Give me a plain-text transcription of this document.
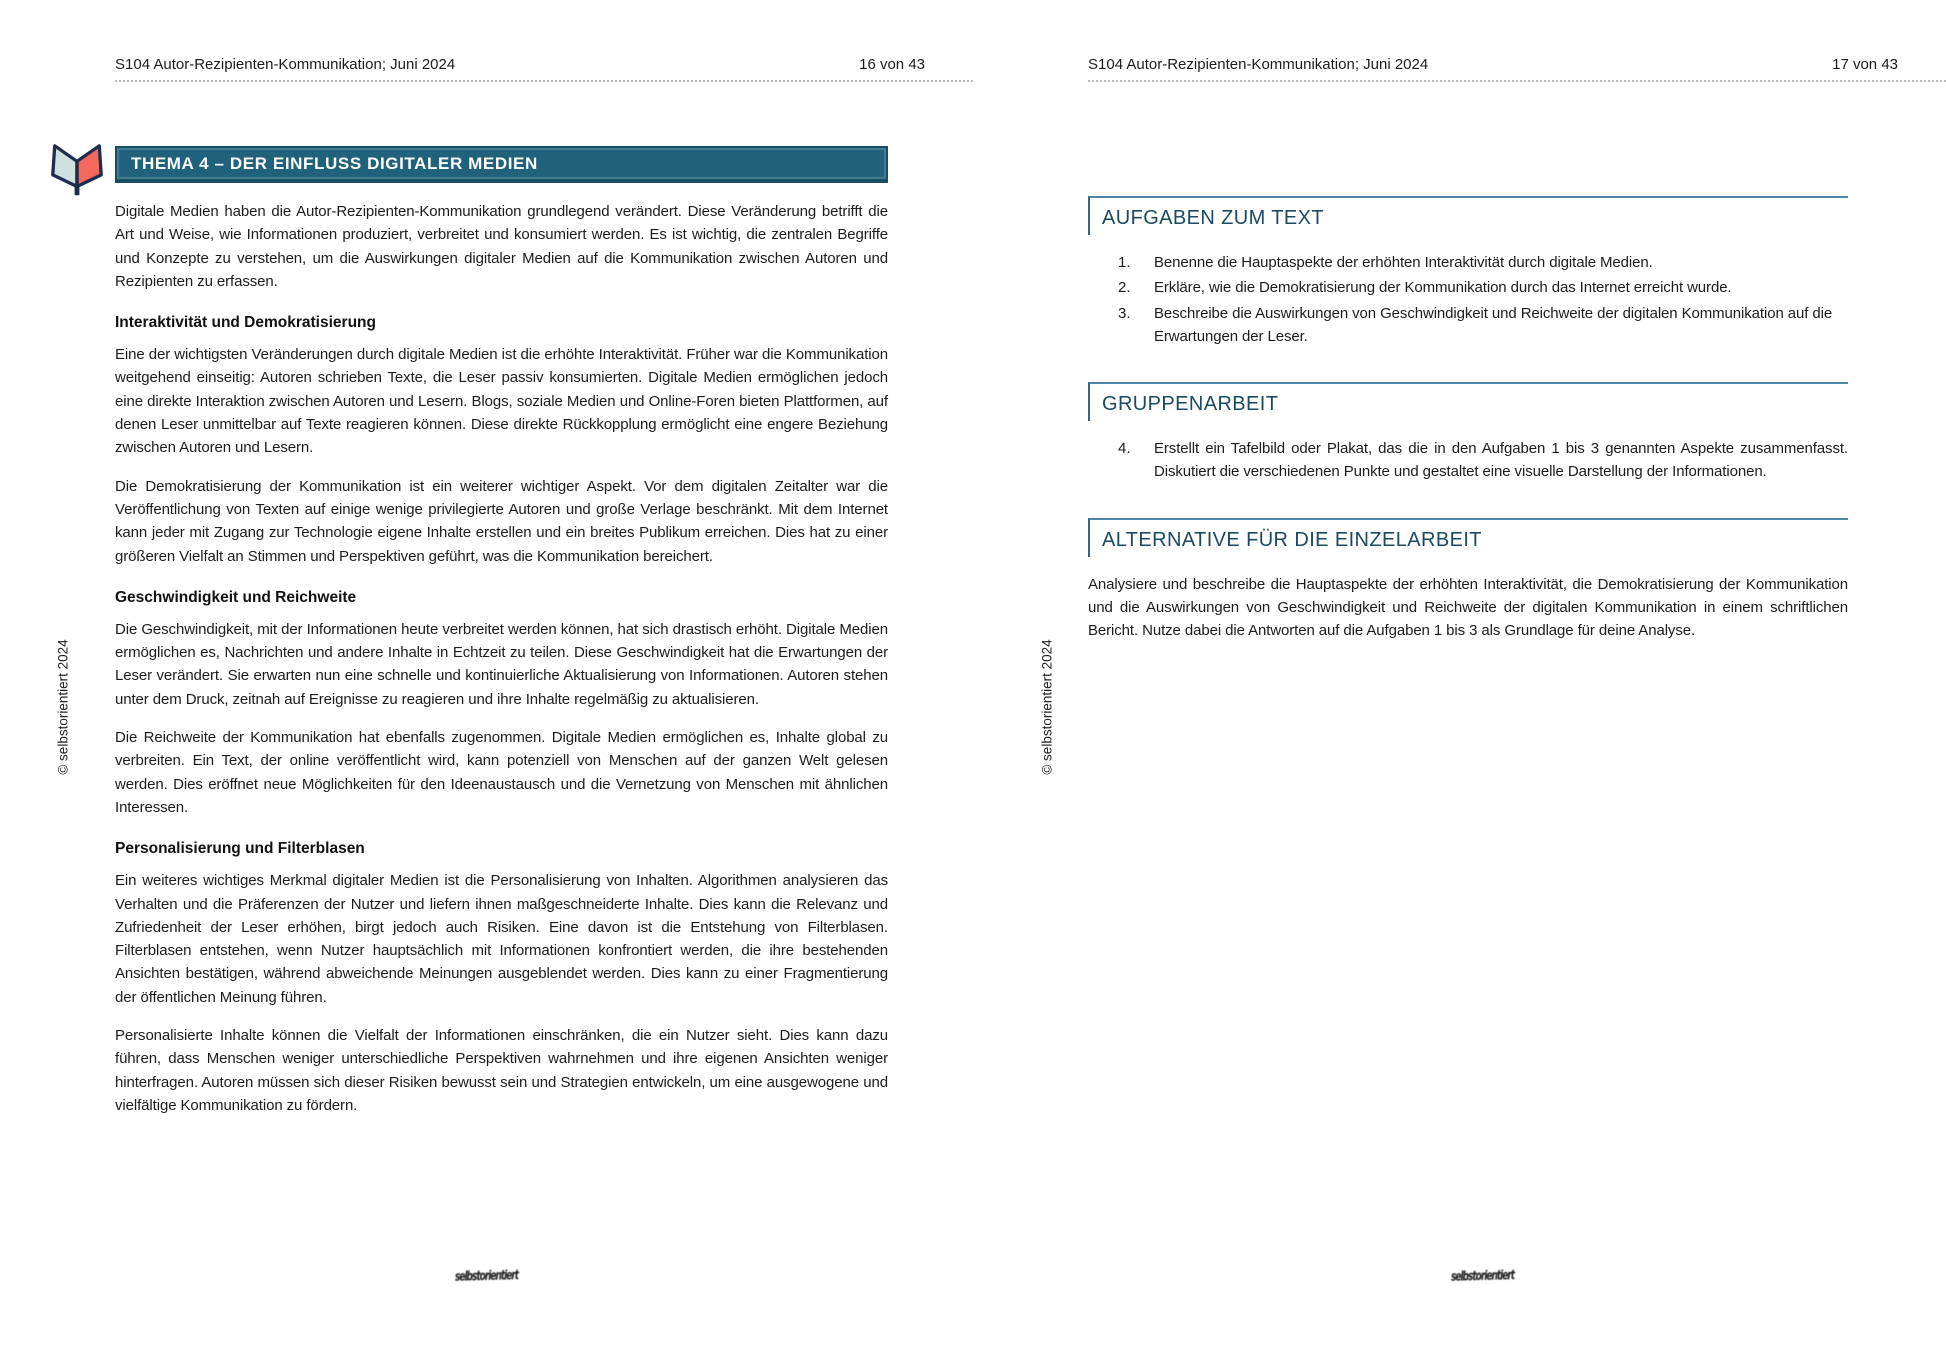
S104 Autor-Rezipienten-Kommunikation; Juni 2024	16 von 43
THEMA 4 – DER EINFLUSS DIGITALER MEDIEN

Digitale Medien haben die Autor-Rezipienten-Kommunikation grundlegend verändert. Diese Veränderung betrifft die Art und Weise, wie Informationen produziert, verbreitet und konsumiert werden. Es ist wichtig, die zentralen Begriffe und Konzepte zu verstehen, um die Auswirkungen digitaler Medien auf die Kommunikation zwischen Autoren und Rezipienten zu erfassen.

Interaktivität und Demokratisierung

Eine der wichtigsten Veränderungen durch digitale Medien ist die erhöhte Interaktivität. Früher war die Kommunikation weitgehend einseitig: Autoren schrieben Texte, die Leser passiv konsumierten. Digitale Medien ermöglichen jedoch eine direkte Interaktion zwischen Autoren und Lesern. Blogs, soziale Medien und Online-Foren bieten Plattformen, auf denen Leser unmittelbar auf Texte reagieren können. Diese direkte Rückkopplung ermöglicht eine engere Beziehung zwischen Autoren und Lesern.

Die Demokratisierung der Kommunikation ist ein weiterer wichtiger Aspekt. Vor dem digitalen Zeitalter war die Veröffentlichung von Texten auf einige wenige privilegierte Autoren und große Verlage beschränkt. Mit dem Internet kann jeder mit Zugang zur Technologie eigene Inhalte erstellen und ein breites Publikum erreichen. Dies hat zu einer größeren Vielfalt an Stimmen und Perspektiven geführt, was die Kommunikation bereichert.

Geschwindigkeit und Reichweite

Die Geschwindigkeit, mit der Informationen heute verbreitet werden können, hat sich drastisch erhöht. Digitale Medien ermöglichen es, Nachrichten und andere Inhalte in Echtzeit zu teilen. Diese Geschwindigkeit hat die Erwartungen der Leser verändert. Sie erwarten nun eine schnelle und kontinuierliche Aktualisierung von Informationen. Autoren stehen unter dem Druck, zeitnah auf Ereignisse zu reagieren und ihre Inhalte regelmäßig zu aktualisieren.

Die Reichweite der Kommunikation hat ebenfalls zugenommen. Digitale Medien ermöglichen es, Inhalte global zu verbreiten. Ein Text, der online veröffentlicht wird, kann potenziell von Menschen auf der ganzen Welt gelesen werden. Dies eröffnet neue Möglichkeiten für den Ideenaustausch und die Vernetzung von Menschen mit ähnlichen Interessen.

Personalisierung und Filterblasen

Ein weiteres wichtiges Merkmal digitaler Medien ist die Personalisierung von Inhalten. Algorithmen analysieren das Verhalten und die Präferenzen der Nutzer und liefern ihnen maßgeschneiderte Inhalte. Dies kann die Relevanz und Zufriedenheit der Leser erhöhen, birgt jedoch auch Risiken. Eine davon ist die Entstehung von Filterblasen. Filterblasen entstehen, wenn Nutzer hauptsächlich mit Informationen konfrontiert werden, die ihre bestehenden Ansichten bestätigen, während abweichende Meinungen ausgeblendet werden. Dies kann zu einer Fragmentierung der öffentlichen Meinung führen.

Personalisierte Inhalte können die Vielfalt der Informationen einschränken, die ein Nutzer sieht. Dies kann dazu führen, dass Menschen weniger unterschiedliche Perspektiven wahrnehmen und ihre eigenen Ansichten weniger hinterfragen. Autoren müssen sich dieser Risiken bewusst sein und Strategien entwickeln, um eine ausgewogene und vielfältige Kommunikation zu fördern.

© selbstorientiert 2024
S104 Autor-Rezipienten-Kommunikation; Juni 2024	17 von 43
AUFGABEN ZUM TEXT
1.	Benenne die Hauptaspekte der erhöhten Interaktivität durch digitale Medien.
2.	Erkläre, wie die Demokratisierung der Kommunikation durch das Internet erreicht wurde.
3.	Beschreibe die Auswirkungen von Geschwindigkeit und Reichweite der digitalen Kommunikation auf die Erwartungen der Leser.
GRUPPENARBEIT
4.	Erstellt ein Tafelbild oder Plakat, das die in den Aufgaben 1 bis 3 genannten Aspekte zusammenfasst. Diskutiert die verschiedenen Punkte und gestaltet eine visuelle Darstellung der Informationen.
ALTERNATIVE FÜR DIE EINZELARBEIT

Analysiere und beschreibe die Hauptaspekte der erhöhten Interaktivität, die Demokratisierung der Kommunikation und die Auswirkungen von Geschwindigkeit und Reichweite der digitalen Kommunikation in einem schriftlichen Bericht. Nutze dabei die Antworten auf die Aufgaben 1 bis 3 als Grundlage für deine Analyse.

© selbstorientiert 2024
selbstorientiert	selbstorientiert
